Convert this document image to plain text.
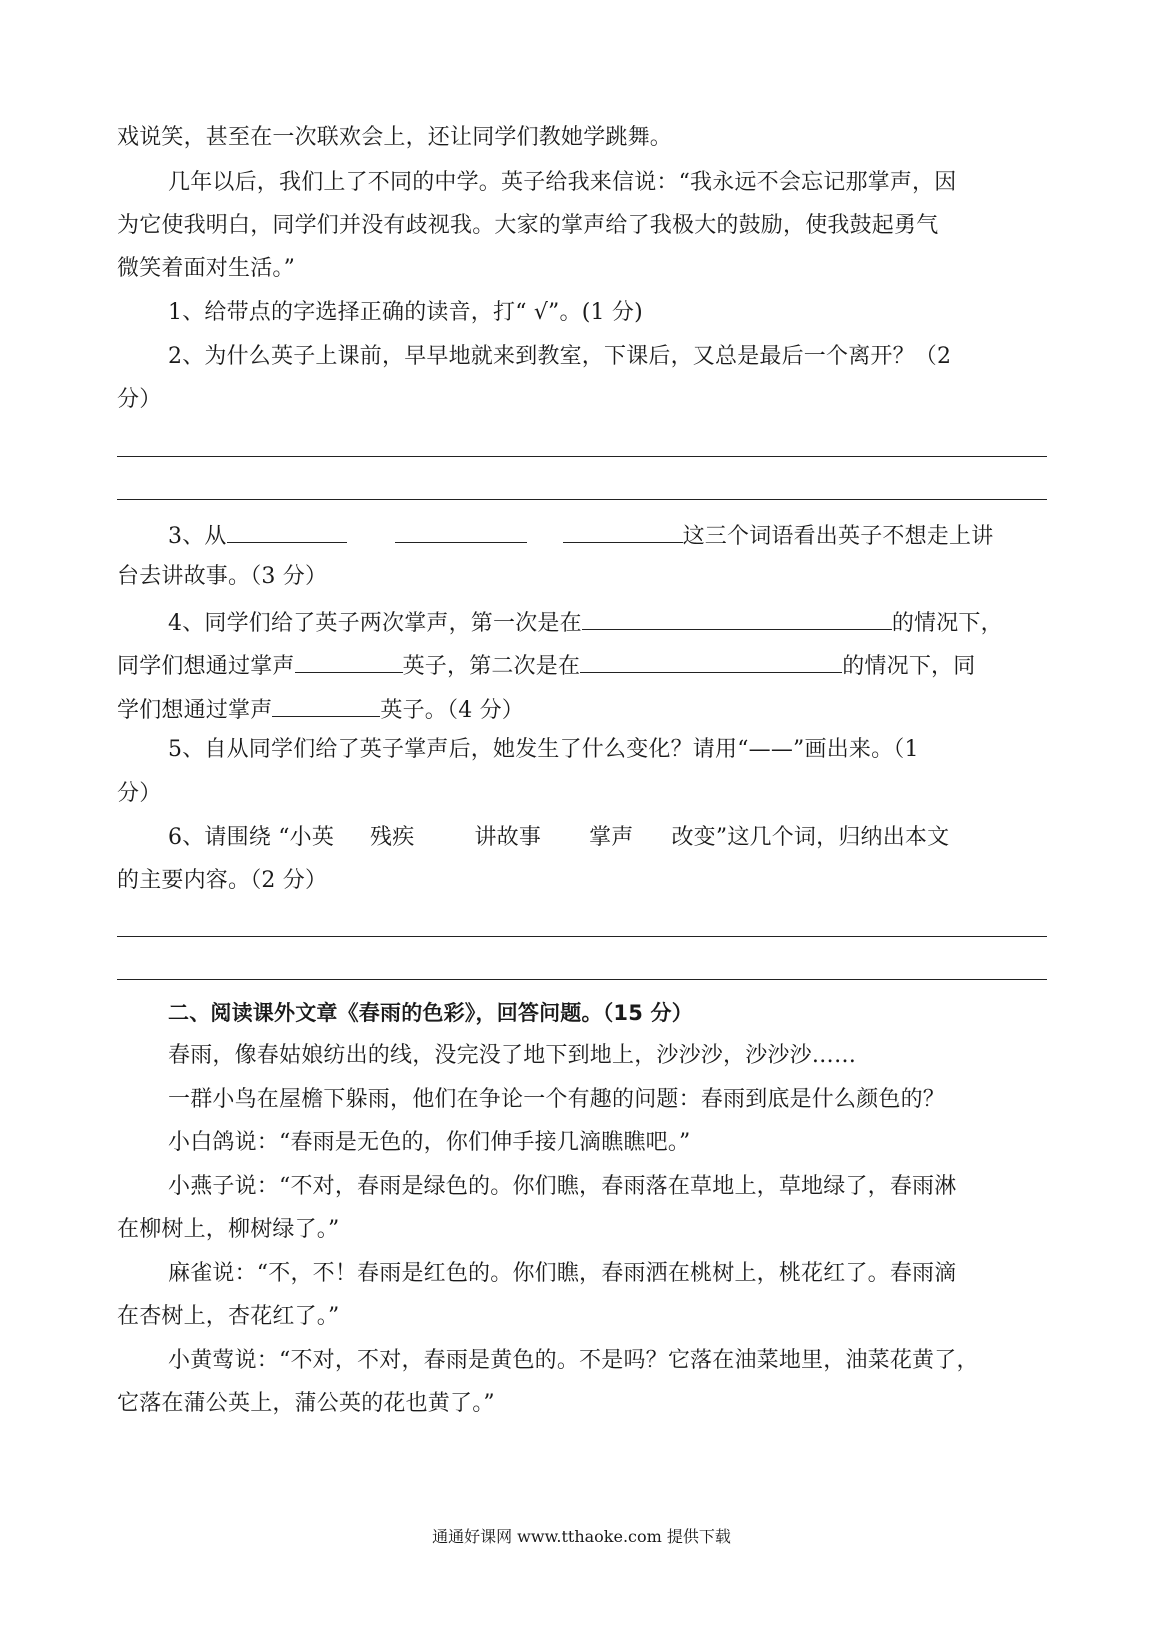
戏说笑，甚至在一次联欢会上，还让同学们教她学跳舞。
几年以后，我们上了不同的中学。英子给我来信说：“我永远不会忘记那掌声，因
为它使我明白，同学们并没有歧视我。大家的掌声给了我极大的鼓励，使我鼓起勇气
微笑着面对生活。”
1、给带点的字选择正确的读音，打“ √”。(1 分)
2、为什么英子上课前，早早地就来到教室，下课后，又总是最后一个离开？（2
分）
3、从	这三个词语看出英子不想走上讲
台去讲故事。（3 分）
4、同学们给了英子两次掌声，第一次是在	的情况下，
同学们想通过掌声	英子，第二次是在	的情况下，同
学们想通过掌声	英子。（4 分）
5、自从同学们给了英子掌声后，她发生了什么变化？请用“——”画出来。（1
分）
6、请围绕 “小英 残疾	讲故事 掌声 改变”这几个词，归纳出本文
的主要内容。（2 分）
二、阅读课外文章《春雨的色彩》，回答问题。（15 分）
春雨，像春姑娘纺出的线，没完没了地下到地上，沙沙沙，沙沙沙……
一群小鸟在屋檐下躲雨，他们在争论一个有趣的问题：春雨到底是什么颜色的？
小白鸽说：“春雨是无色的，你们伸手接几滴瞧瞧吧。”
小燕子说：“不对，春雨是绿色的。你们瞧，春雨落在草地上，草地绿了，春雨淋
在柳树上，柳树绿了。”
麻雀说：“不，不！春雨是红色的。你们瞧，春雨洒在桃树上，桃花红了。春雨滴
在杏树上，杏花红了。”
小黄莺说：“不对，不对，春雨是黄色的。不是吗？它落在油菜地里，油菜花黄了，
它落在蒲公英上，蒲公英的花也黄了。”
通通好课网 www.tthaoke.com 提供下载
